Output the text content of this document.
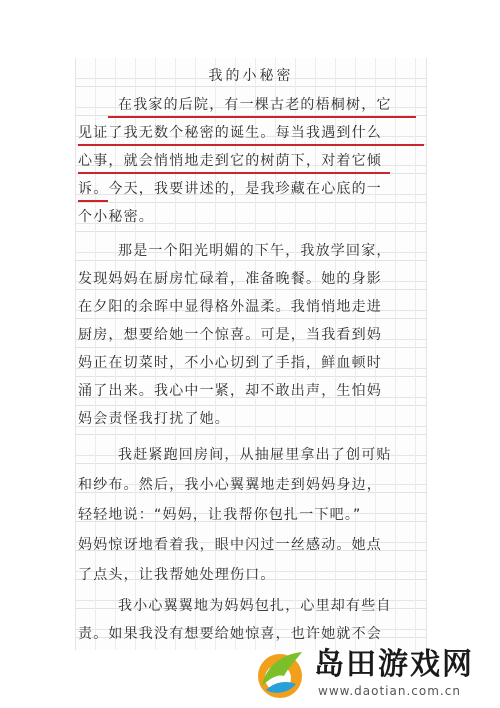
我的小秘密
在我家的后院，有一棵古老的梧桐树，它
见证了我无数个秘密的诞生。每当我遇到什么
心事，就会悄悄地走到它的树荫下，对着它倾
诉。今天，我要讲述的，是我珍藏在心底的一
个小秘密。
那是一个阳光明媚的下午，我放学回家，
发现妈妈在厨房忙碌着，准备晚餐。她的身影
在夕阳的余晖中显得格外温柔。我悄悄地走进
厨房，想要给她一个惊喜。可是，当我看到妈
妈正在切菜时，不小心切到了手指，鲜血顿时
涌了出来。我心中一紧，却不敢出声，生怕妈
妈会责怪我打扰了她。
我赶紧跑回房间，从抽屉里拿出了创可贴
和纱布。然后，我小心翼翼地走到妈妈身边，
轻轻地说：“妈妈，让我帮你包扎一下吧。”
妈妈惊讶地看着我，眼中闪过一丝感动。她点
了点头，让我帮她处理伤口。
我小心翼翼地为妈妈包扎，心里却有些自
责。如果我没有想要给她惊喜，也许她就不会
岛田游戏网
www.daotian.com.cn
